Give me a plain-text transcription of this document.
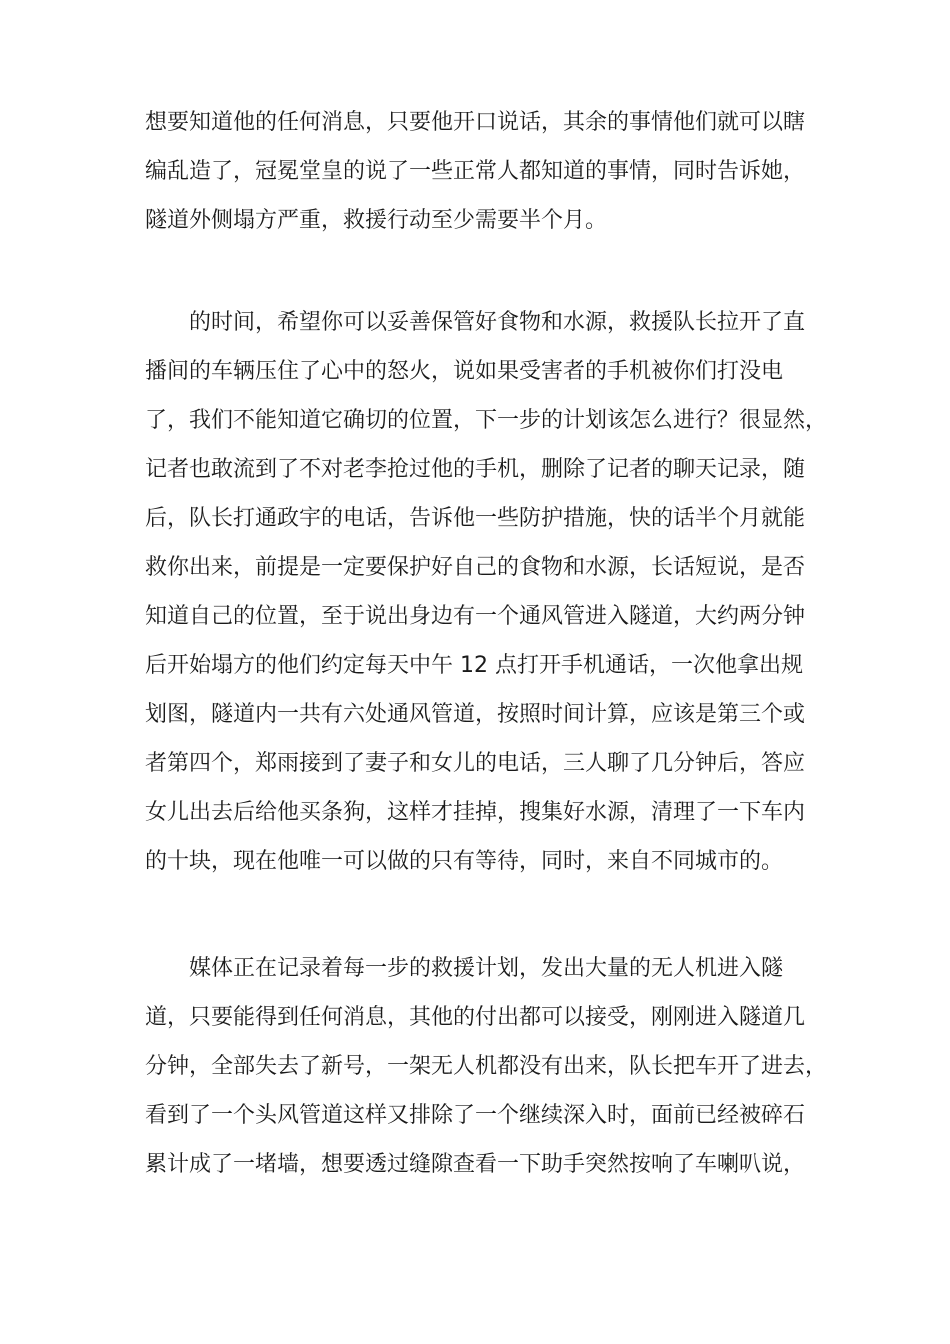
想要知道他的任何消息，只要他开口说话，其余的事情他们就可以瞎
编乱造了，冠冕堂皇的说了一些正常人都知道的事情，同时告诉她，
隧道外侧塌方严重，救援行动至少需要半个月。
的时间，希望你可以妥善保管好食物和水源，救援队长拉开了直
播间的车辆压住了心中的怒火，说如果受害者的手机被你们打没电
了，我们不能知道它确切的位置，下一步的计划该怎么进行？很显然，
记者也敢流到了不对老李抢过他的手机，删除了记者的聊天记录，随
后，队长打通政宇的电话，告诉他一些防护措施，快的话半个月就能
救你出来，前提是一定要保护好自己的食物和水源，长话短说，是否
知道自己的位置，至于说出身边有一个通风管进入隧道，大约两分钟
后开始塌方的他们约定每天中午 12 点打开手机通话，一次他拿出规
划图，隧道内一共有六处通风管道，按照时间计算，应该是第三个或
者第四个，郑雨接到了妻子和女儿的电话，三人聊了几分钟后，答应
女儿出去后给他买条狗，这样才挂掉，搜集好水源，清理了一下车内
的十块，现在他唯一可以做的只有等待，同时，来自不同城市的。
媒体正在记录着每一步的救援计划，发出大量的无人机进入隧
道，只要能得到任何消息，其他的付出都可以接受，刚刚进入隧道几
分钟，全部失去了新号，一架无人机都没有出来，队长把车开了进去，
看到了一个头风管道这样又排除了一个继续深入时，面前已经被碎石
累计成了一堵墙，想要透过缝隙查看一下助手突然按响了车喇叭说，
